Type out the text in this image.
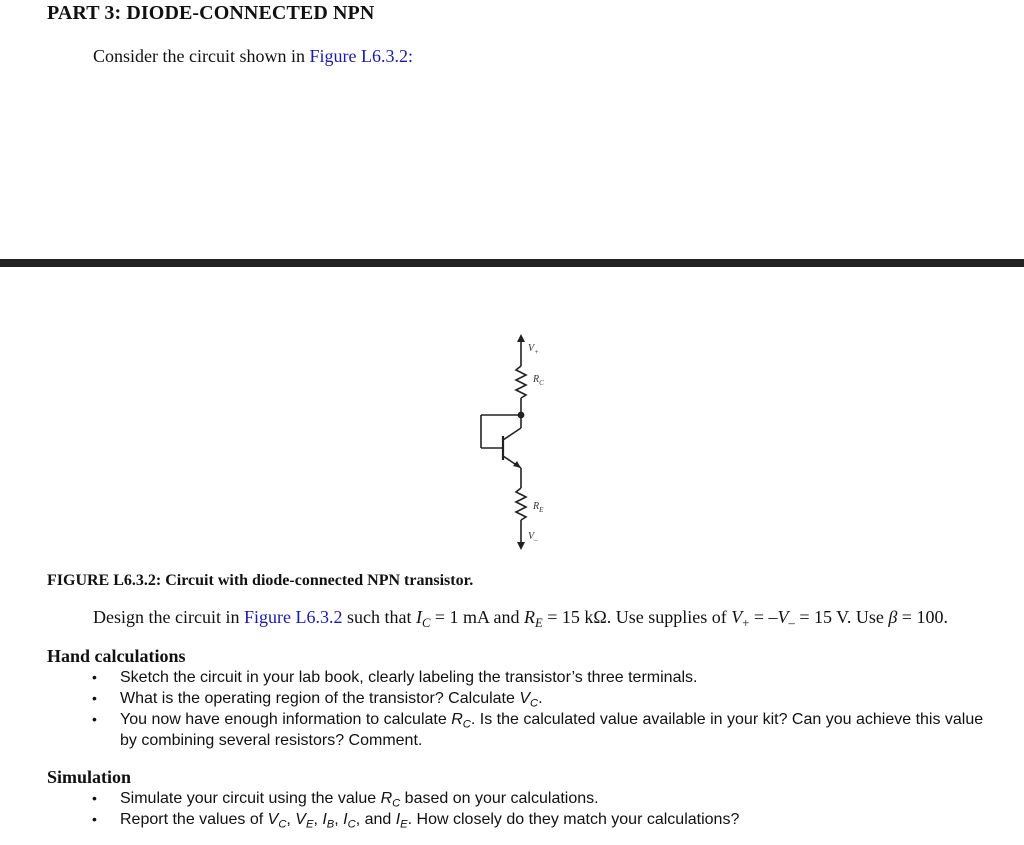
PART 3: DIODE-CONNECTED NPN
Consider the circuit shown in Figure L6.3.2:
$V_+$
$R_C$
$R_E$
$V_-$
FIGURE L6.3.2: Circuit with diode-connected NPN transistor.
Design the circuit in Figure L6.3.2 such that $I_C = 1$ mA and $R_E = 15$ kΩ. Use supplies of $V_+ = -V_- = 15$ V. Use β = 100.
Hand calculations
• Sketch the circuit in your lab book, clearly labeling the transistor’s three terminals.
• What is the operating region of the transistor? Calculate $V_C$.
• You now have enough information to calculate $R_C$. Is the calculated value available in your kit? Can you achieve this value by combining several resistors? Comment.
Simulation
• Simulate your circuit using the value $R_C$ based on your calculations.
• Report the values of $V_C$, $V_E$, $I_B$, $I_C$, and $I_E$. How closely do they match your calculations?
